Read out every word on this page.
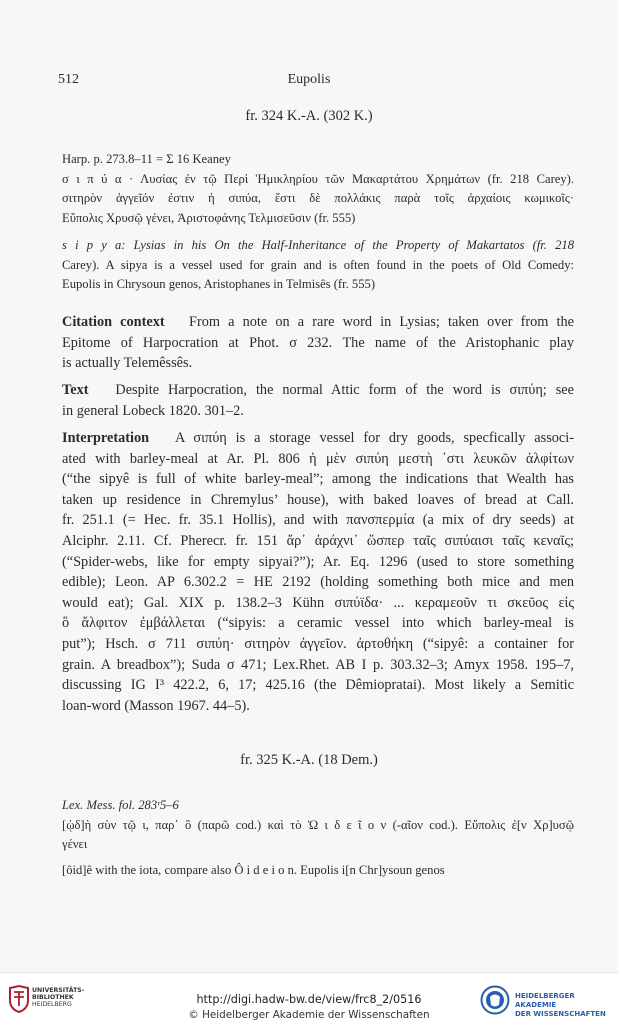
512	Eupolis
fr. 324 K.-A. (302 K.)
Harp. p. 273.8–11 = Σ 16 Keaney
σ ι π ύ α · Λυσίας ἐν τῷ Περὶ Ἡμικληρίου τῶν Μακαρτάτου Χρημάτων (fr. 218 Carey).
σιτηρὸν ἀγγεῖόν ἐστιν ἡ σιπύα, ἔστι δὲ πολλάκις παρὰ τοῖς ἀρχαίοις κωμικοῖς·
Εὔπολις Χρυσῷ γένει, Ἀριστοφάνης Τελμισεῦσιν (fr. 555)
s i p y a: Lysias in his On the Half-Inheritance of the Property of Makartatos (fr. 218
Carey). A sipya is a vessel used for grain and is often found in the poets of Old Comedy:
Eupolis in Chrysoun genos, Aristophanes in Telmisês (fr. 555)
Citation context From a note on a rare word in Lysias; taken over from the
Epitome of Harpocration at Phot. σ 232. The name of the Aristophanic play
is actually Telemêssês.
Text Despite Harpocration, the normal Attic form of the word is σιπύη; see
in general Lobeck 1820. 301–2.
Interpretation A σιπύη is a storage vessel for dry goods, specfically associ-
ated with barley-meal at Ar. Pl. 806 ἡ μὲν σιπύη μεστὴ ᾽στι λευκῶν ἀλφίτων
(“the sipyê is full of white barley-meal”; among the indications that Wealth has
taken up residence in Chremylus’ house), with baked loaves of bread at Call.
fr. 251.1 (= Hec. fr. 35.1 Hollis), and with πανσπερμία (a mix of dry seeds) at
Alciphr. 2.11. Cf. Pherecr. fr. 151 ἄρ᾽ ἀράχνι᾽ ὥσπερ ταῖς σιπύαισι ταῖς κεναῖς;
(“Spider-webs, like for empty sipyai?”); Ar. Eq. 1296 (used to store something
edible); Leon. AP 6.302.2 = HE 2192 (holding something both mice and men
would eat); Gal. XIX p. 138.2–3 Kühn σιπύϊδα· ... κεραμεοῦν τι σκεῦος εἰς
ὃ ἄλφιτον ἐμβάλλεται (“sipyis: a ceramic vessel into which barley-meal is
put”); Hsch. σ 711 σιπύη· σιτηρὸν ἀγγεῖον. ἀρτοθήκη (“sipyê: a container for
grain. A breadbox”); Suda σ 471; Lex.Rhet. AB I p. 303.32–3; Amyx 1958. 195–7,
discussing IG I³ 422.2, 6, 17; 425.16 (the Dêmiopratai). Most likely a Semitic
loan-word (Masson 1967. 44–5).
fr. 325 K.-A. (18 Dem.)
Lex. Mess. fol. 283ʳ5–6
[ᾠδ]ὴ σὺν τῷ ι, παρ᾽ ὃ (παρῶ cod.) καὶ τὸ Ὠ ι δ ε ῖ ο ν (-αῖον cod.). Εὔπολις ἐ[ν Χρ]υσῷ
γένει
[ôid]ê with the iota, compare also Ô i d e i o n. Eupolis i[n Chr]ysoun genos
UNIVERSITÄTS-
BIBLIOTHEK
HEIDELBERG	http://digi.hadw-bw.de/view/frc8_2/0516
© Heidelberger Akademie der Wissenschaften
HEIDELBERGER AKADEMIE
DER WISSENSCHAFTEN
